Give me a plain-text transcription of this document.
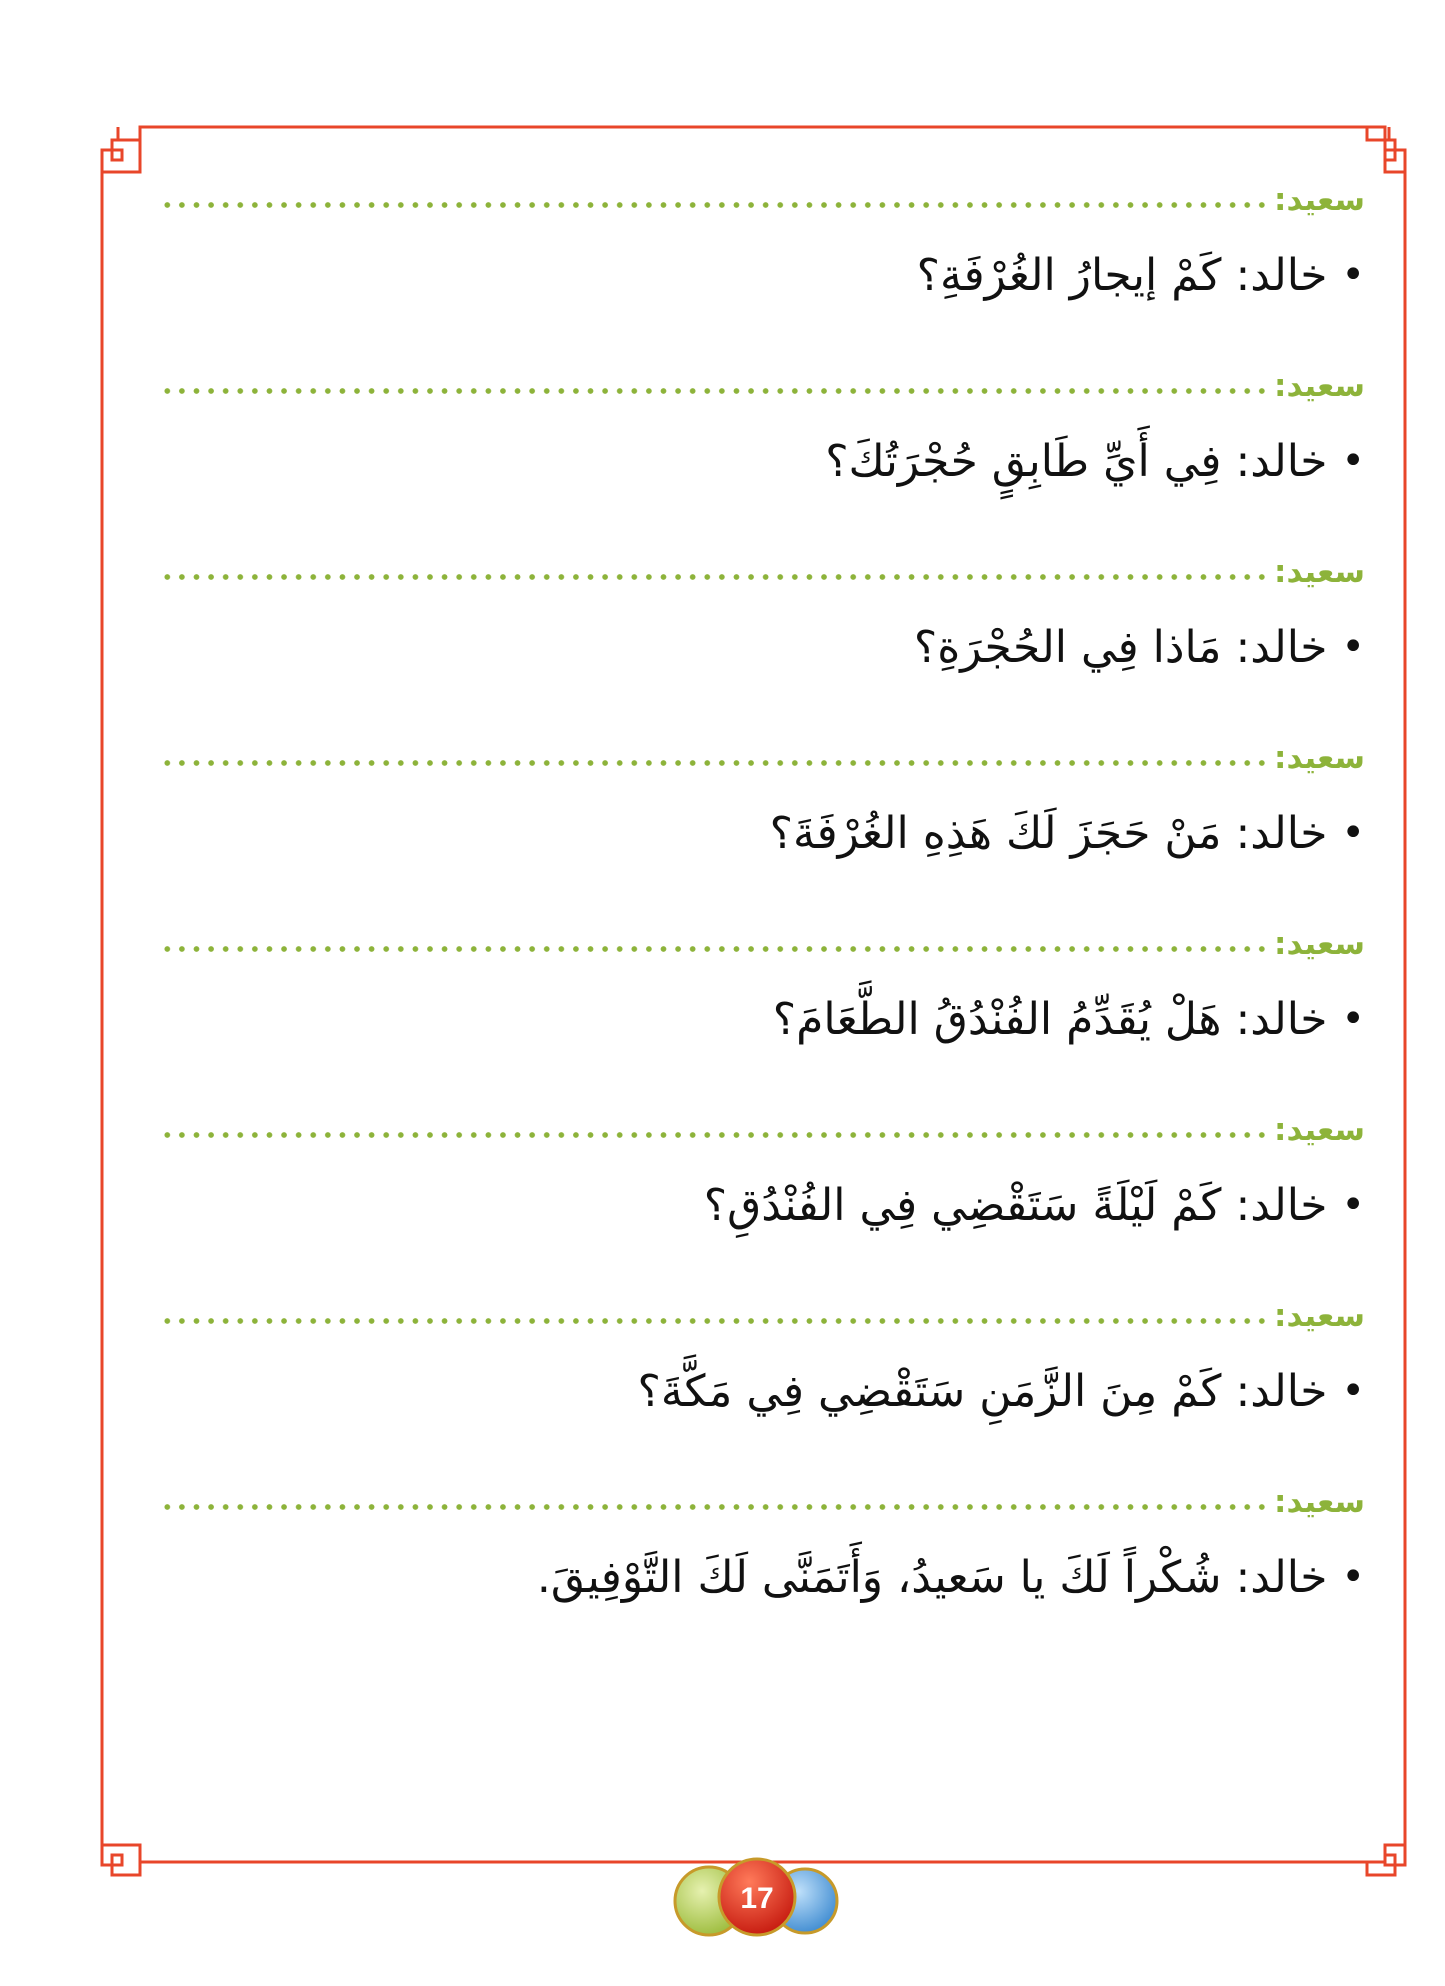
سعيد:
•
خالد:
كَمْ إيجارُ الغُرْفَةِ؟
سعيد:
•
خالد:
فِي أَيِّ طَابِقٍ حُجْرَتُكَ؟
سعيد:
•
خالد:
مَاذا فِي الحُجْرَةِ؟
سعيد:
•
خالد:
مَنْ حَجَزَ لَكَ هَذِهِ الغُرْفَةَ؟
سعيد:
•
خالد:
هَلْ يُقَدِّمُ الفُنْدُقُ الطَّعَامَ؟
سعيد:
•
خالد:
كَمْ لَيْلَةً سَتَقْضِي فِي الفُنْدُقِ؟
سعيد:
•
خالد:
كَمْ مِنَ الزَّمَنِ سَتَقْضِي فِي مَكَّةَ؟
سعيد:
•
خالد:
شُكْراً لَكَ يا سَعيدُ، وَأَتَمَنَّى لَكَ التَّوْفِيقَ.
17
